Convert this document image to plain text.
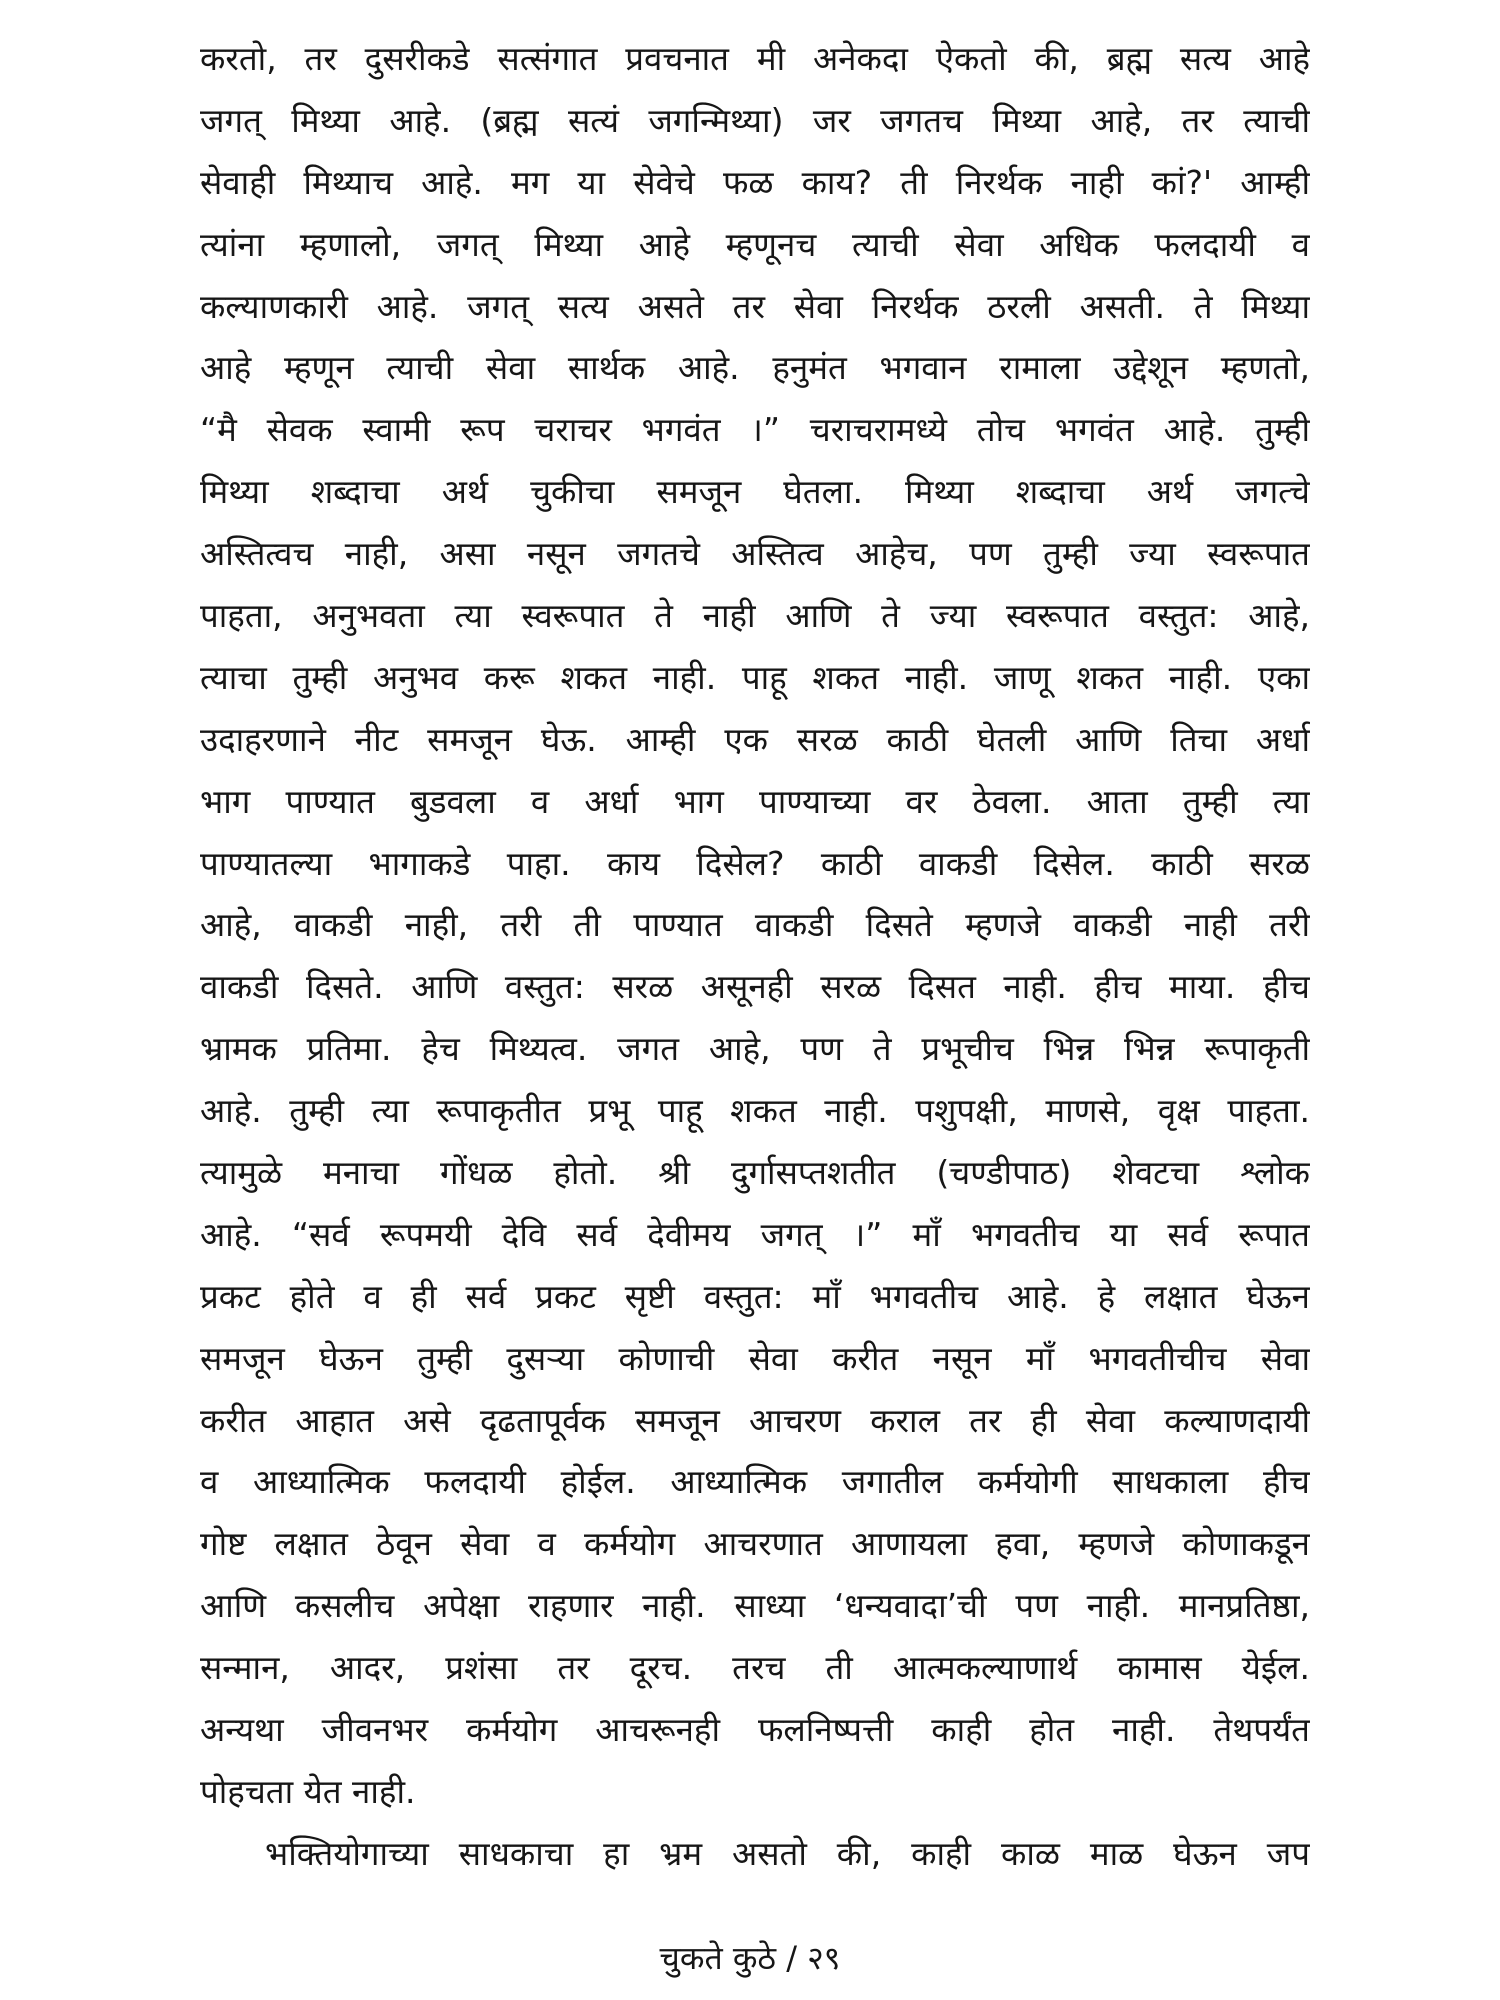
करतो, तर दुसरीकडे सत्संगात प्रवचनात मी अनेकदा ऐकतो की, ब्रह्म सत्य आहे
जगत् मिथ्या आहे. (ब्रह्म सत्यं जगन्मिथ्या) जर जगतच मिथ्या आहे, तर त्याची
सेवाही मिथ्याच आहे. मग या सेवेचे फळ काय? ती निरर्थक नाही कां?' आम्ही
त्यांना म्हणालो, जगत् मिथ्या आहे म्हणूनच त्याची सेवा अधिक फलदायी व
कल्याणकारी आहे. जगत् सत्य असते तर सेवा निरर्थक ठरली असती. ते मिथ्या
आहे म्हणून त्याची सेवा सार्थक आहे. हनुमंत भगवान रामाला उद्देशून म्हणतो,
“मै सेवक स्वामी रूप चराचर भगवंत ।” चराचरामध्ये तोच भगवंत आहे. तुम्ही
मिथ्या शब्दाचा अर्थ चुकीचा समजून घेतला. मिथ्या शब्दाचा अर्थ जगत्चे
अस्तित्वच नाही, असा नसून जगतचे अस्तित्व आहेच, पण तुम्ही ज्या स्वरूपात
पाहता, अनुभवता त्या स्वरूपात ते नाही आणि ते ज्या स्वरूपात वस्तुत: आहे,
त्याचा तुम्ही अनुभव करू शकत नाही. पाहू शकत नाही. जाणू शकत नाही. एका
उदाहरणाने नीट समजून घेऊ. आम्ही एक सरळ काठी घेतली आणि तिचा अर्धा
भाग पाण्यात बुडवला व अर्धा भाग पाण्याच्या वर ठेवला. आता तुम्ही त्या
पाण्यातल्या भागाकडे पाहा. काय दिसेल? काठी वाकडी दिसेल. काठी सरळ
आहे, वाकडी नाही, तरी ती पाण्यात वाकडी दिसते म्हणजे वाकडी नाही तरी
वाकडी दिसते. आणि वस्तुत: सरळ असूनही सरळ दिसत नाही. हीच माया. हीच
भ्रामक प्रतिमा. हेच मिथ्यत्व. जगत आहे, पण ते प्रभूचीच भिन्न भिन्न रूपाकृती
आहे. तुम्ही त्या रूपाकृतीत प्रभू पाहू शकत नाही. पशुपक्षी, माणसे, वृक्ष पाहता.
त्यामुळे मनाचा गोंधळ होतो. श्री दुर्गासप्तशतीत (चण्डीपाठ) शेवटचा श्लोक
आहे. “सर्व रूपमयी देवि सर्व देवीमय जगत् ।” माँ भगवतीच या सर्व रूपात
प्रकट होते व ही सर्व प्रकट सृष्टी वस्तुत: माँ भगवतीच आहे. हे लक्षात घेऊन
समजून घेऊन तुम्ही दुसऱ्या कोणाची सेवा करीत नसून माँ भगवतीचीच सेवा
करीत आहात असे दृढतापूर्वक समजून आचरण कराल तर ही सेवा कल्याणदायी
व आध्यात्मिक फलदायी होईल. आध्यात्मिक जगातील कर्मयोगी साधकाला हीच
गोष्ट लक्षात ठेवून सेवा व कर्मयोग आचरणात आणायला हवा, म्हणजे कोणाकडून
आणि कसलीच अपेक्षा राहणार नाही. साध्या ‘धन्यवादा’ची पण नाही. मानप्रतिष्ठा,
सन्मान, आदर, प्रशंसा तर दूरच. तरच ती आत्मकल्याणार्थ कामास येईल.
अन्यथा जीवनभर कर्मयोग आचरूनही फलनिष्पत्ती काही होत नाही. तेथपर्यंत
पोहचता येत नाही.
भक्तियोगाच्या साधकाचा हा भ्रम असतो की, काही काळ माळ घेऊन जप
चुकते कुठे / २९
